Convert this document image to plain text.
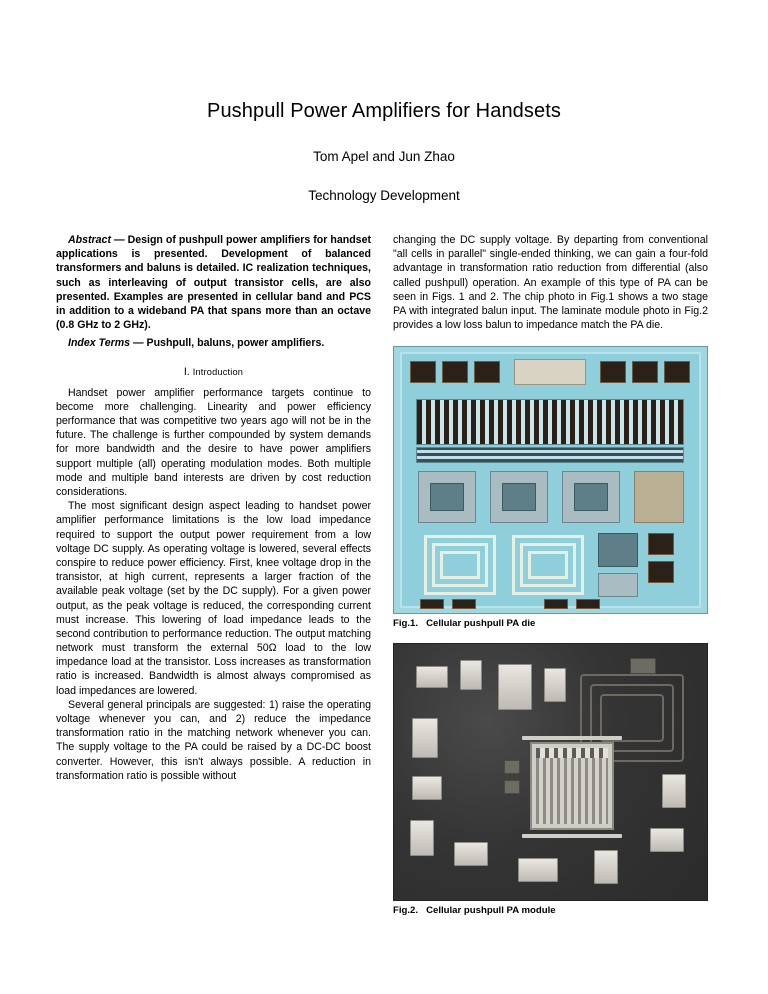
Pushpull Power Amplifiers for Handsets
Tom Apel and Jun Zhao
Technology Development

Abstract — Design of pushpull power amplifiers for handset applications is presented. Development of balanced transformers and baluns is detailed. IC realization techniques, such as interleaving of output transistor cells, are also presented. Examples are presented in cellular band and PCS in addition to a wideband PA that spans more than an octave (0.8 GHz to 2 GHz).

Index Terms — Pushpull, baluns, power amplifiers.

I. Introduction

Handset power amplifier performance targets continue to become more challenging. Linearity and power efficiency performance that was competitive two years ago will not be in the future. The challenge is further compounded by system demands for more bandwidth and the desire to have power amplifiers support multiple (all) operating modulation modes. Both multiple mode and multiple band interests are driven by cost reduction considerations.

The most significant design aspect leading to handset power amplifier performance limitations is the low load impedance required to support the output power requirement from a low voltage DC supply. As operating voltage is lowered, several effects conspire to reduce power efficiency. First, knee voltage drop in the transistor, at high current, represents a larger fraction of the available peak voltage (set by the DC supply). For a given power output, as the peak voltage is reduced, the corresponding current must increase. This lowering of load impedance leads to the second contribution to performance reduction. The output matching network must transform the external 50Ω load to the low impedance load at the transistor. Loss increases as transformation ratio is increased. Bandwidth is almost always compromised as load impedances are lowered.

Several general principals are suggested: 1) raise the operating voltage whenever you can, and 2) reduce the impedance transformation ratio in the matching network whenever you can. The supply voltage to the PA could be raised by a DC-DC boost converter. However, this isn't always possible. A reduction in transformation ratio is possible without

changing the DC supply voltage. By departing from conventional "all cells in parallel" single-ended thinking, we can gain a four-fold advantage in transformation ratio reduction from differential (also called pushpull) operation. An example of this type of PA can be seen in Figs. 1 and 2. The chip photo in Fig.1 shows a two stage PA with integrated balun input. The laminate module photo in Fig.2 provides a low loss balun to impedance match the PA die.

Fig.1. Cellular pushpull PA die
Fig.2. Cellular pushpull PA module
